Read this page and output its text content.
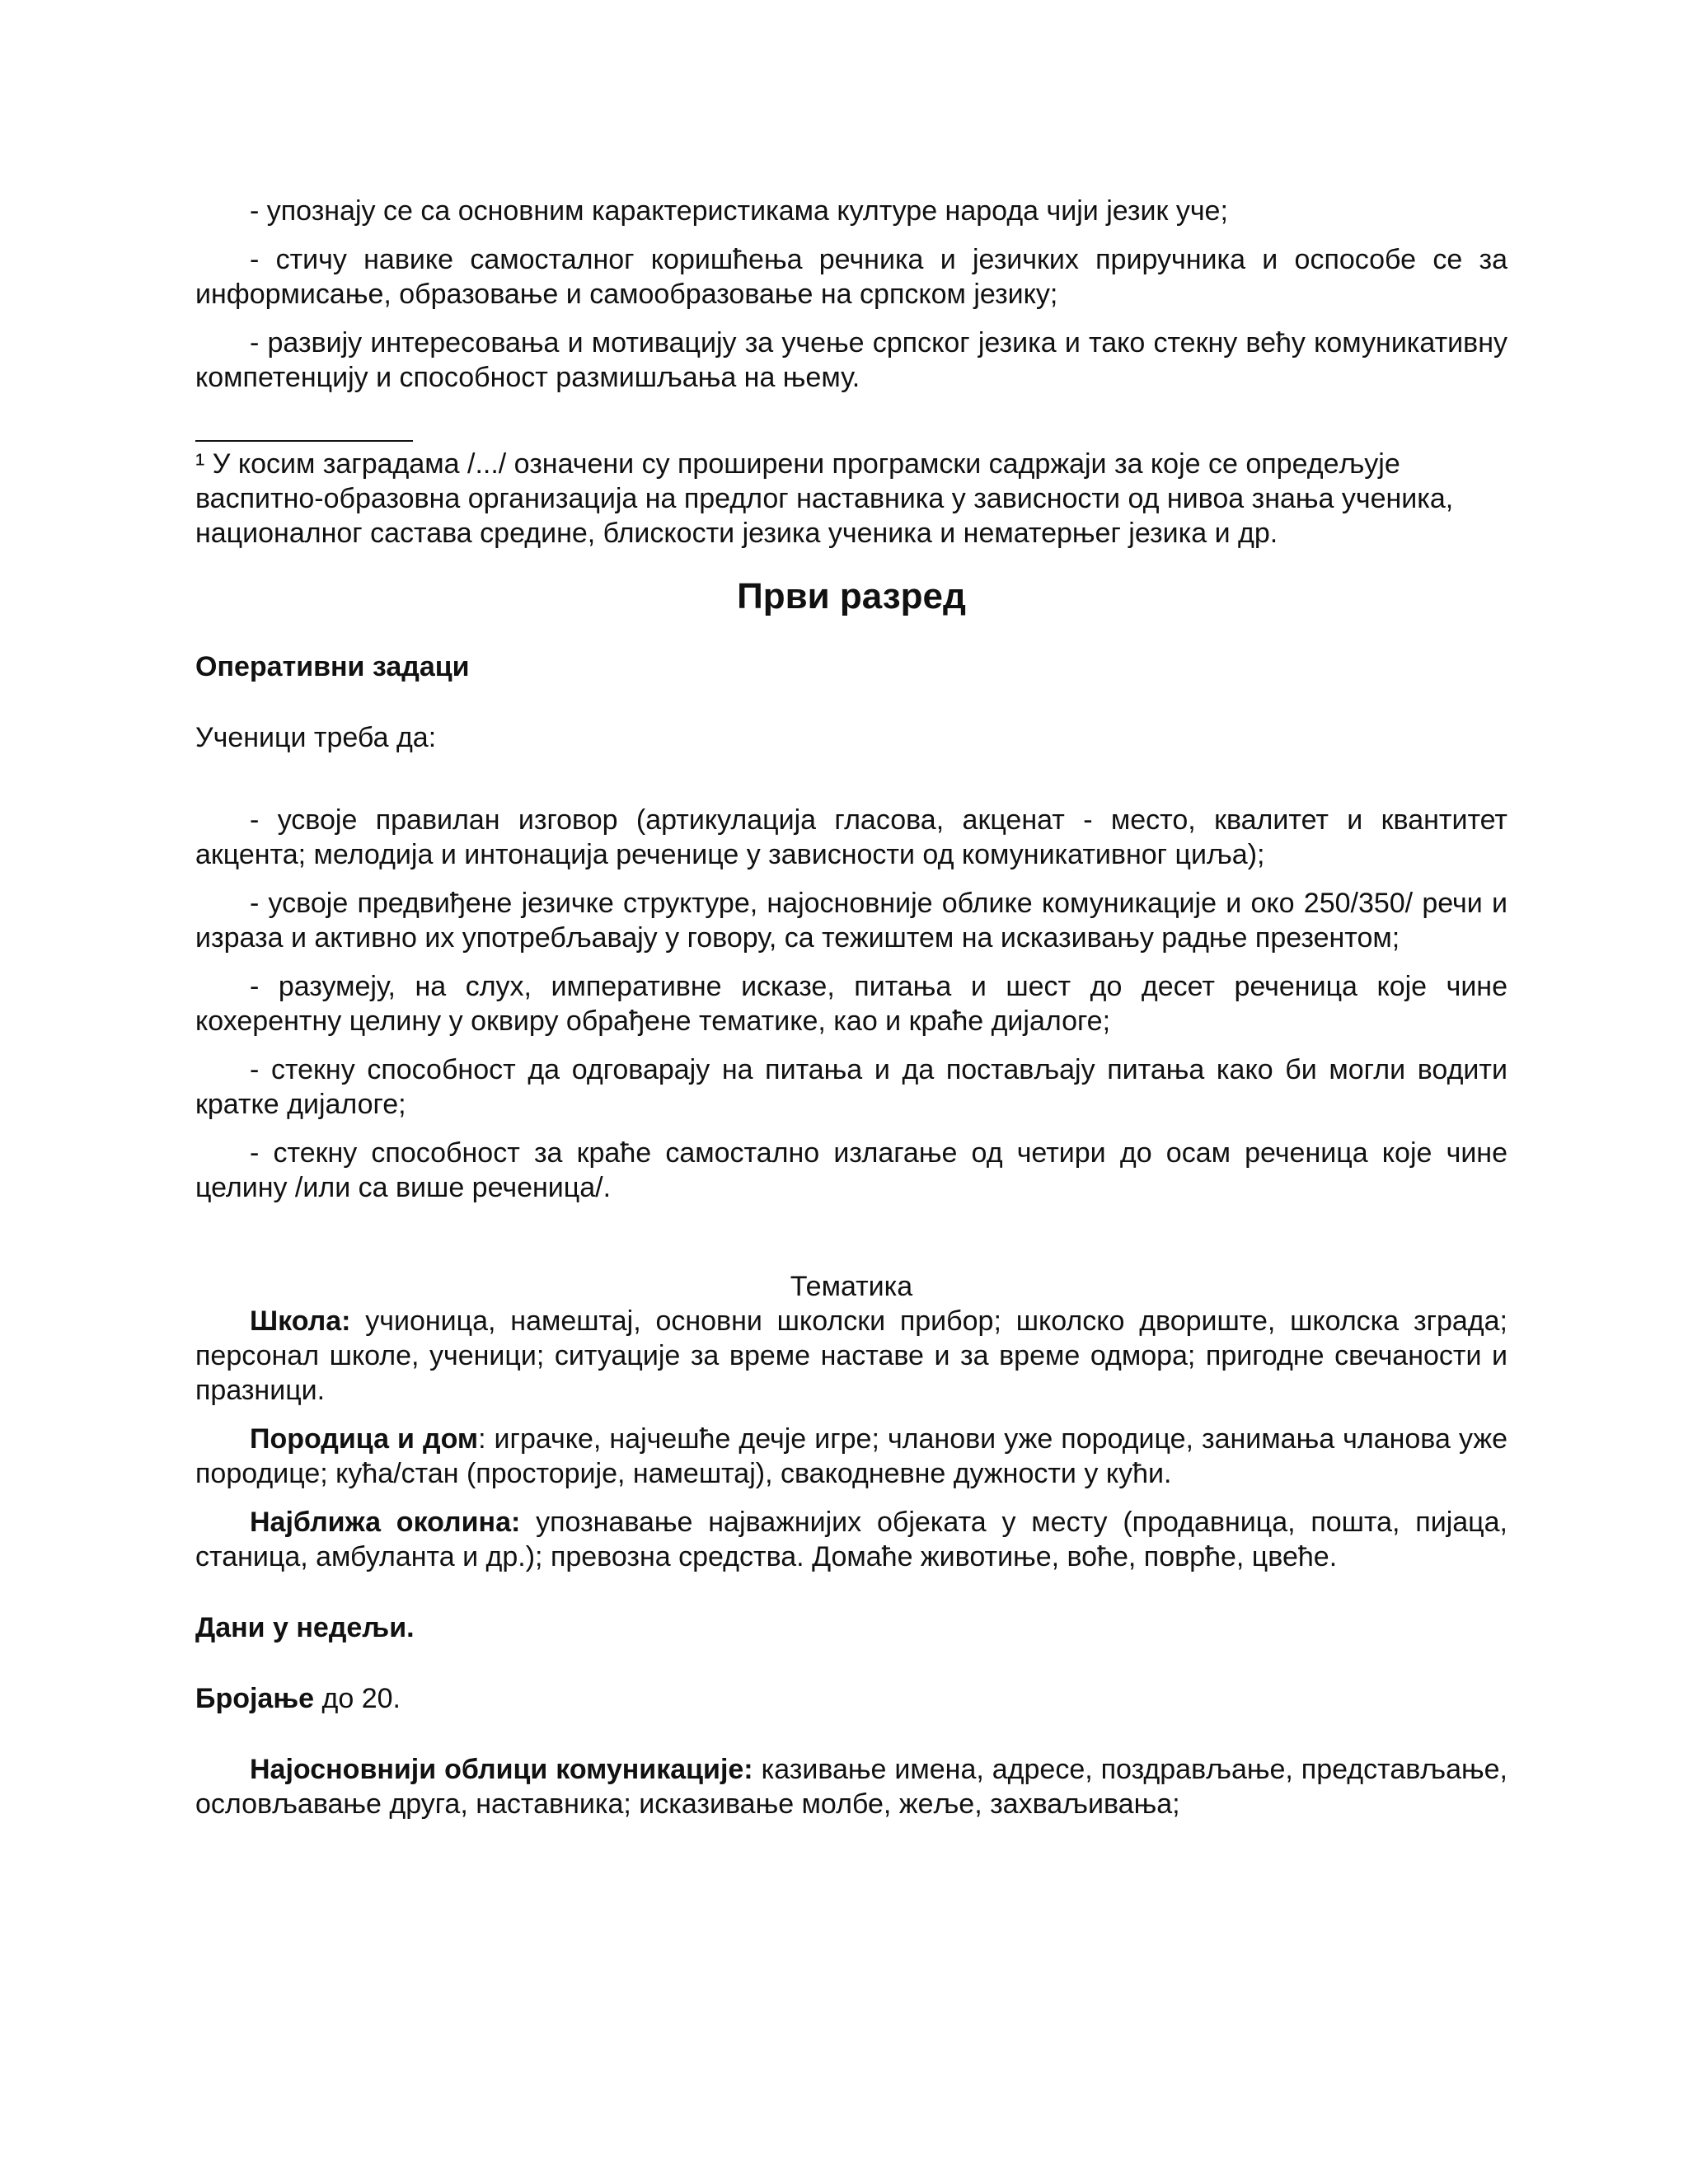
- упознају се са основним карактеристикама културе народа чији језик уче;

- стичу навике самосталног коришћења речника и језичких приручника и оспособе се за информисање, образовање и самообразовање на српском језику;

- развију интересовања и мотивацију за учење српског језика и тако стекну већу комуникативну компетенцију и способност размишљања на њему.

¹ У косим заградама /.../ означени су проширени програмски садржаји за које се опредељује васпитно-образовна организација на предлог наставника у зависности од нивоа знања ученика, националног састава средине, блискости језика ученика и нематерњег језика и др.

Први разред

Оперативни задаци

Ученици треба да:

- усвоје правилан изговор (артикулација гласова, акценат - место, квалитет и квантитет акцента; мелодија и интонација реченице у зависности од комуникативног циља);

- усвоје предвиђене језичке структуре, најосновније облике комуникације и око 250/350/ речи и израза и активно их употребљавају у говору, са тежиштем на исказивању радње презентом;

- разумеју, на слух, императивне исказе, питања и шест до десет реченица које чине кохерентну целину у оквиру обрађене тематике, као и краће дијалоге;

- стекну способност да одговарају на питања и да постављају питања како би могли водити кратке дијалоге;

- стекну способност за краће самостално излагање од четири до осам реченица које чине целину /или са више реченица/.

Тематика

Школа: учионица, намештај, основни школски прибор; школско двориште, школска зграда; персонал школе, ученици; ситуације за време наставе и за време одмора; пригодне свечаности и празници.

Породица и дом: играчке, најчешће дечје игре; чланови уже породице, занимања чланова уже породице; кућа/стан (просторије, намештај), свакодневне дужности у кући.

Најближа околина: упознавање најважнијих објеката у месту (продавница, пошта, пијаца, станица, амбуланта и др.); превозна средства. Домаће животиње, воће, поврће, цвеће.

Дани у недељи.

Бројање до 20.

Најосновнији облици комуникације: казивање имена, адресе, поздрављање, представљање, ословљавање друга, наставника; исказивање молбе, жеље, захваљивања;
